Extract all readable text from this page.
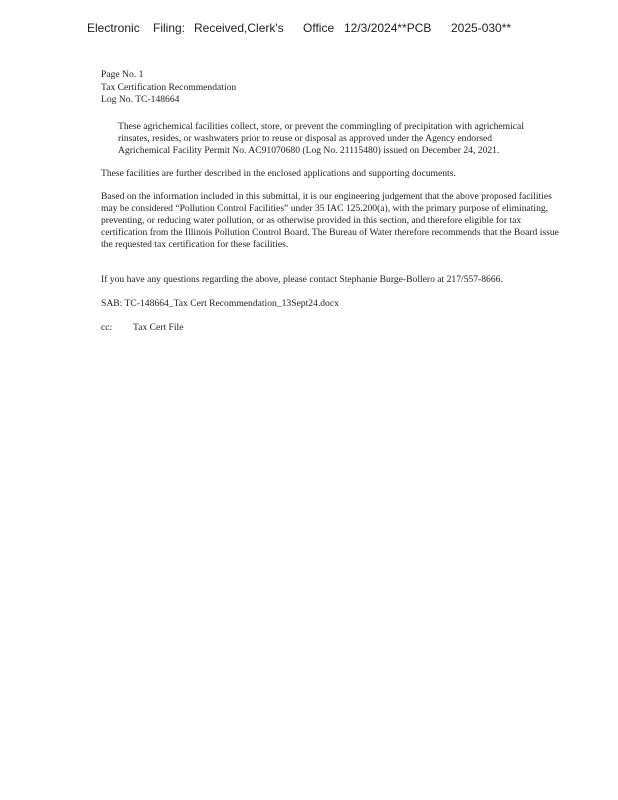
Electronic Filing: Received,Clerk's Office 12/3/2024**PCB 2025-030**

Page No. 1

Tax Certification Recommendation

Log No. TC-148664

These agrichemical facilities collect, store, or prevent the commingling of precipitation with agrichemical rinsates, resides, or washwaters prior to reuse or disposal as approved under the Agency endorsed Agrichemical Facility Permit No. AC91070680 (Log No. 21115480) issued on December 24, 2021.

These facilities are further described in the enclosed applications and supporting documents.

Based on the information included in this submittal, it is our engineering judgement that the above proposed facilities may be considered “Pollution Control Facilities” under 35 IAC 125.200(a), with the primary purpose of eliminating, preventing, or reducing water pollution, or as otherwise provided in this section, and therefore eligible for tax certification from the Illinois Pollution Control Board. The Bureau of Water therefore recommends that the Board issue the requested tax certification for these facilities.

If you have any questions regarding the above, please contact Stephanie Burge-Bollero at 217/557-8666.

SAB: TC-148664_Tax Cert Recommendation_13Sept24.docx

cc:	Tax Cert File
